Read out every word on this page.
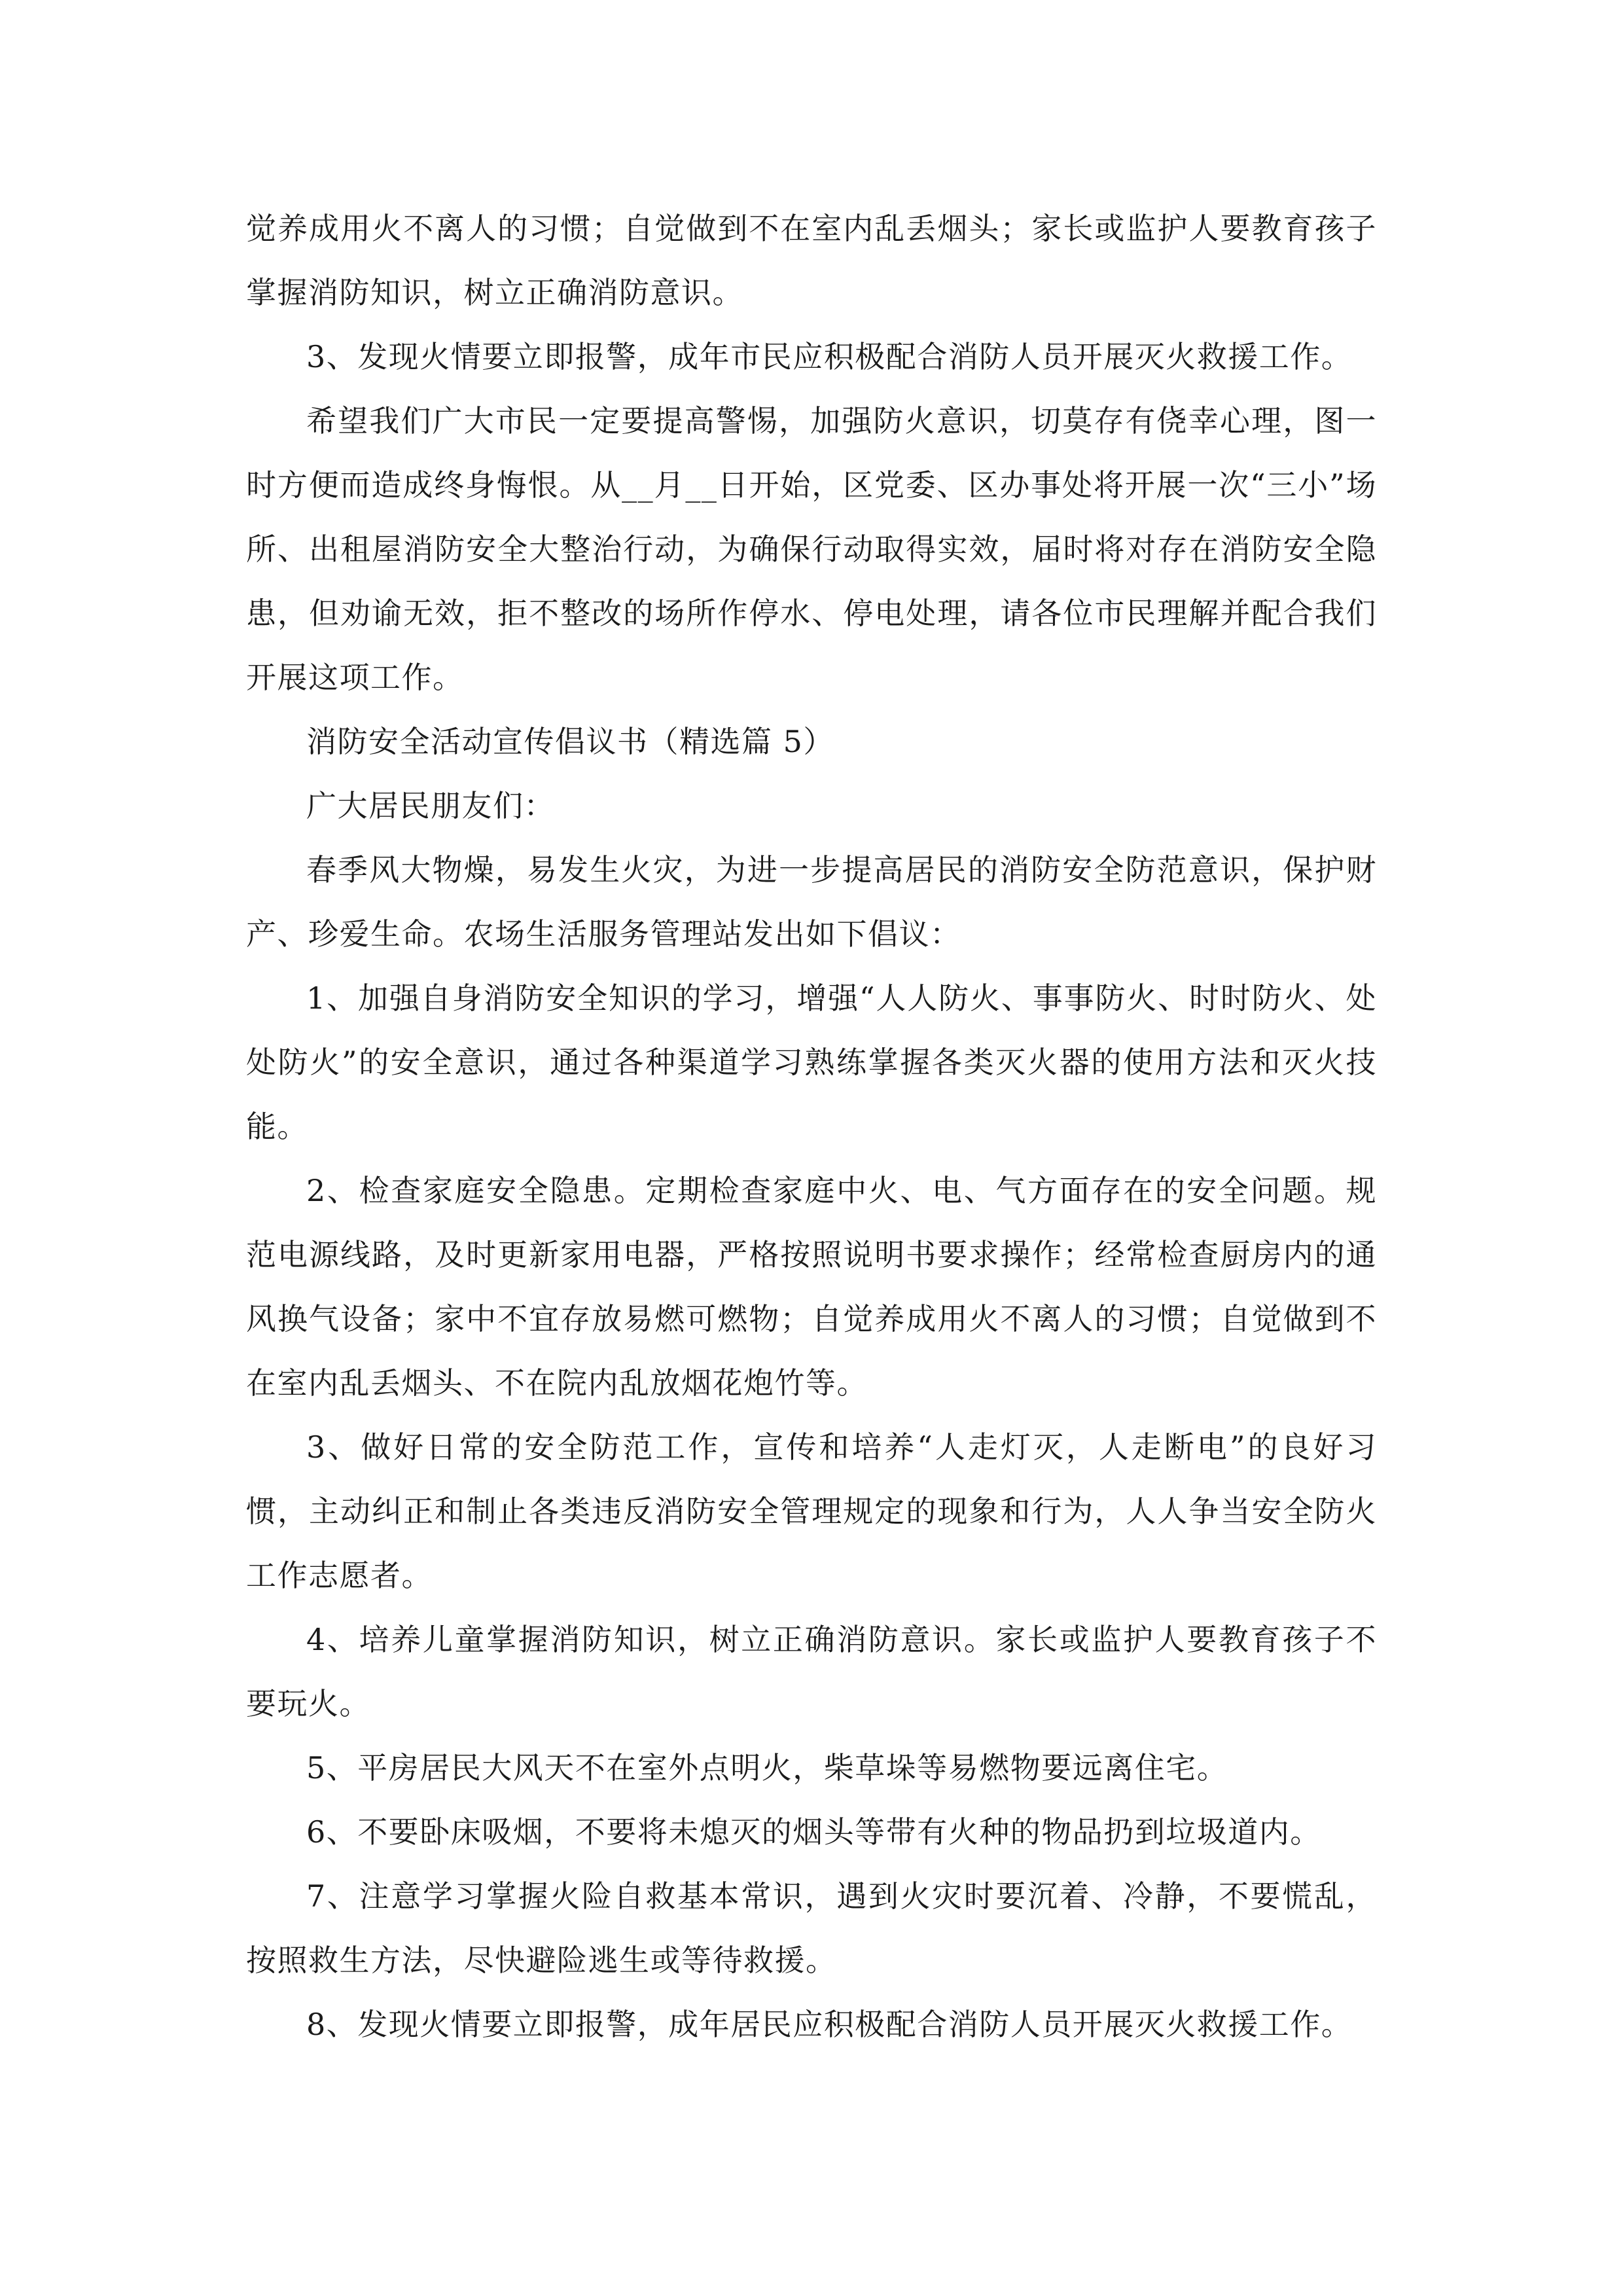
觉养成用火不离人的习惯；自觉做到不在室内乱丢烟头；家长或监护人要教育孩子掌握消防知识，树立正确消防意识。

3、发现火情要立即报警，成年市民应积极配合消防人员开展灭火救援工作。

希望我们广大市民一定要提高警惕，加强防火意识，切莫存有侥幸心理，图一时方便而造成终身悔恨。从__月__日开始，区党委、区办事处将开展一次“三小”场所、出租屋消防安全大整治行动，为确保行动取得实效，届时将对存在消防安全隐患，但劝谕无效，拒不整改的场所作停水、停电处理，请各位市民理解并配合我们开展这项工作。

消防安全活动宣传倡议书（精选篇 5）

广大居民朋友们：

春季风大物燥，易发生火灾，为进一步提高居民的消防安全防范意识，保护财产、珍爱生命。农场生活服务管理站发出如下倡议：

1、加强自身消防安全知识的学习，增强“人人防火、事事防火、时时防火、处处防火”的安全意识，通过各种渠道学习熟练掌握各类灭火器的使用方法和灭火技能。

2、检查家庭安全隐患。定期检查家庭中火、电、气方面存在的安全问题。规范电源线路，及时更新家用电器，严格按照说明书要求操作；经常检查厨房内的通风换气设备；家中不宜存放易燃可燃物；自觉养成用火不离人的习惯；自觉做到不在室内乱丢烟头、不在院内乱放烟花炮竹等。

3、做好日常的安全防范工作，宣传和培养“人走灯灭，人走断电”的良好习惯，主动纠正和制止各类违反消防安全管理规定的现象和行为，人人争当安全防火工作志愿者。

4、培养儿童掌握消防知识，树立正确消防意识。家长或监护人要教育孩子不要玩火。

5、平房居民大风天不在室外点明火，柴草垛等易燃物要远离住宅。

6、不要卧床吸烟，不要将未熄灭的烟头等带有火种的物品扔到垃圾道内。

7、注意学习掌握火险自救基本常识，遇到火灾时要沉着、冷静，不要慌乱，按照救生方法，尽快避险逃生或等待救援。

8、发现火情要立即报警，成年居民应积极配合消防人员开展灭火救援工作。
